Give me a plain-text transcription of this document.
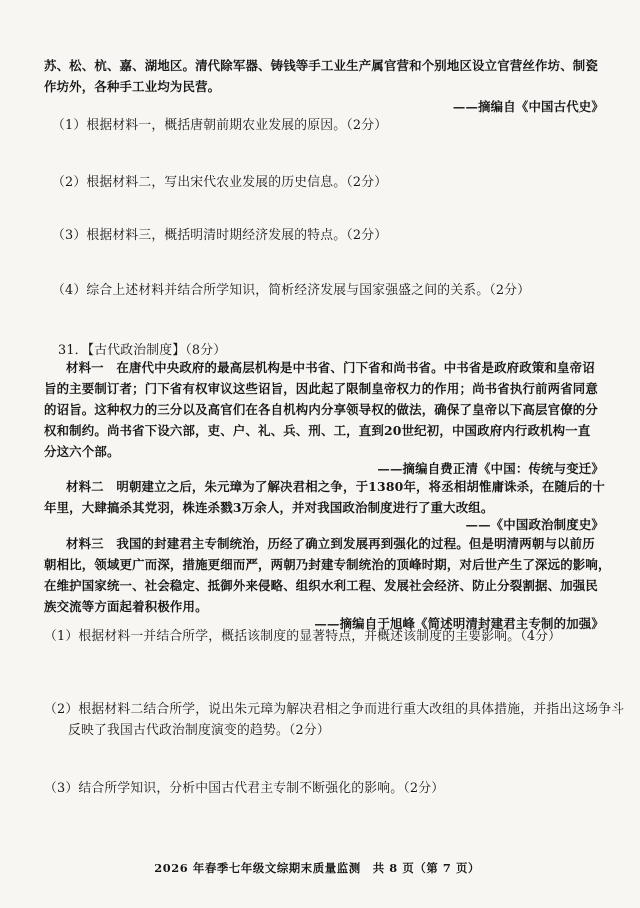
苏、松、杭、嘉、湖地区。清代除军器、铸钱等手工业生产属官营和个别地区设立官营丝作坊、制瓷
作坊外，各种手工业均为民营。
——摘编自《中国古代史》
（1）根据材料一，概括唐朝前期农业发展的原因。（2分）
（2）根据材料二，写出宋代农业发展的历史信息。（2分）
（3）根据材料三，概括明清时期经济发展的特点。（2分）
（4）综合上述材料并结合所学知识，简析经济发展与国家强盛之间的关系。（2分）
31．【古代政治制度】（8分）
材料一　在唐代中央政府的最高层机构是中书省、门下省和尚书省。中书省是政府政策和皇帝诏
旨的主要制订者；门下省有权审议这些诏旨，因此起了限制皇帝权力的作用；尚书省执行前两省同意
的诏旨。这种权力的三分以及高官们在各自机构内分享领导权的做法，确保了皇帝以下高层官僚的分
权和制约。尚书省下设六部，吏、户、礼、兵、刑、工，直到20世纪初，中国政府内行政机构一直
分这六个部。
——摘编自费正清《中国：传统与变迁》
材料二　明朝建立之后，朱元璋为了解决君相之争，于1380年，将丞相胡惟庸诛杀，在随后的十
年里，大肆搞杀其党羽，株连杀戮3万余人，并对我国政治制度进行了重大改组。
——《中国政治制度史》
材料三　我国的封建君主专制统治，历经了确立到发展再到强化的过程。但是明清两朝与以前历
朝相比，领域更广而深，措施更细而严，两朝乃封建专制统治的顶峰时期，对后世产生了深远的影响，
在维护国家统一、社会稳定、抵御外来侵略、组织水利工程、发展社会经济、防止分裂割据、加强民
族交流等方面起着积极作用。
——摘编自于旭峰《简述明清封建君主专制的加强》
（1）根据材料一并结合所学，概括该制度的显著特点，并概述该制度的主要影响。（4分）
（2）根据材料二结合所学，说出朱元璋为解决君相之争而进行重大改组的具体措施，并指出这场争斗
反映了我国古代政治制度演变的趋势。（2分）
（3）结合所学知识，分析中国古代君主专制不断强化的影响。（2分）
2026 年春季七年级文综期末质量监测　共 8 页（第 7 页）
